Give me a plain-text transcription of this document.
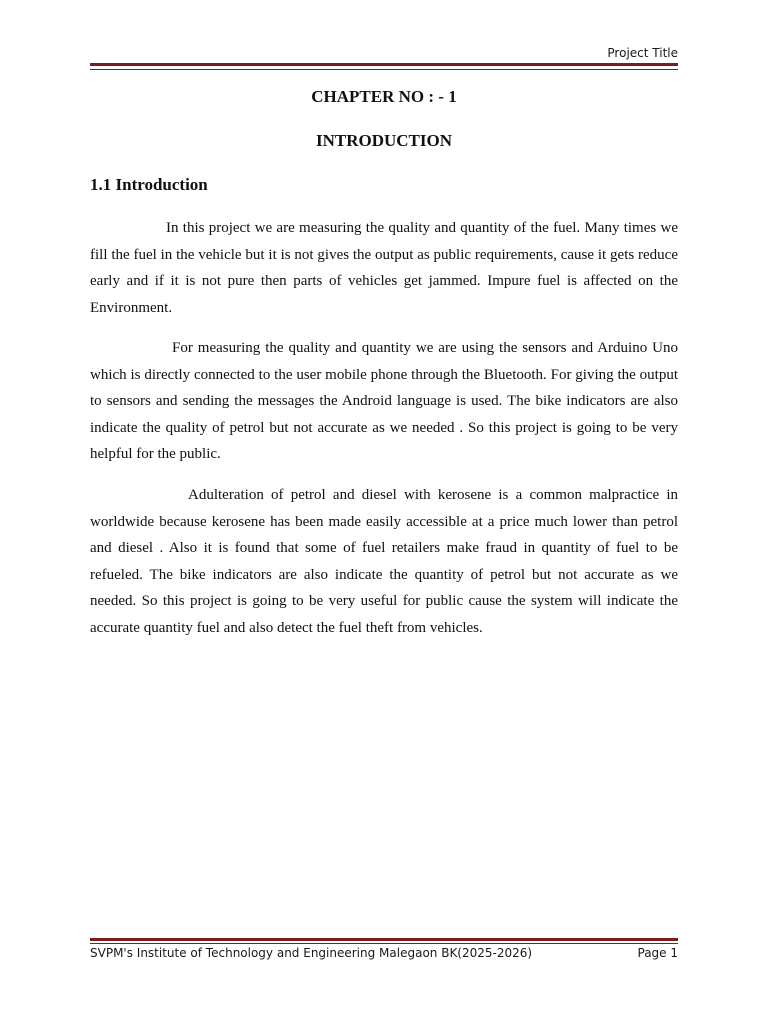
Project Title
CHAPTER NO : - 1
INTRODUCTION
1.1 Introduction

In this project we are measuring the quality and quantity of the fuel. Many times we fill the fuel in the vehicle but it is not gives the output as public requirements, cause it gets reduce early and if it is not pure then parts of vehicles get jammed. Impure fuel is affected on the Environment.

For measuring the quality and quantity we are using the sensors and Arduino Uno which is directly connected to the user mobile phone through the Bluetooth. For giving the output to sensors and sending the messages the Android language is used. The bike indicators are also indicate the quality of petrol but not accurate as we needed . So this project is going to be very helpful for the public.

Adulteration of petrol and diesel with kerosene is a common malpractice in worldwide because kerosene has been made easily accessible at a price much lower than petrol and diesel . Also it is found that some of fuel retailers make fraud in quantity of fuel to be refueled. The bike indicators are also indicate the quantity of petrol but not accurate as we needed. So this project is going to be very useful for public cause the system will indicate the accurate quantity fuel and also detect the fuel theft from vehicles.

SVPM's Institute of Technology and Engineering Malegaon BK(2025-2026)	Page 1
